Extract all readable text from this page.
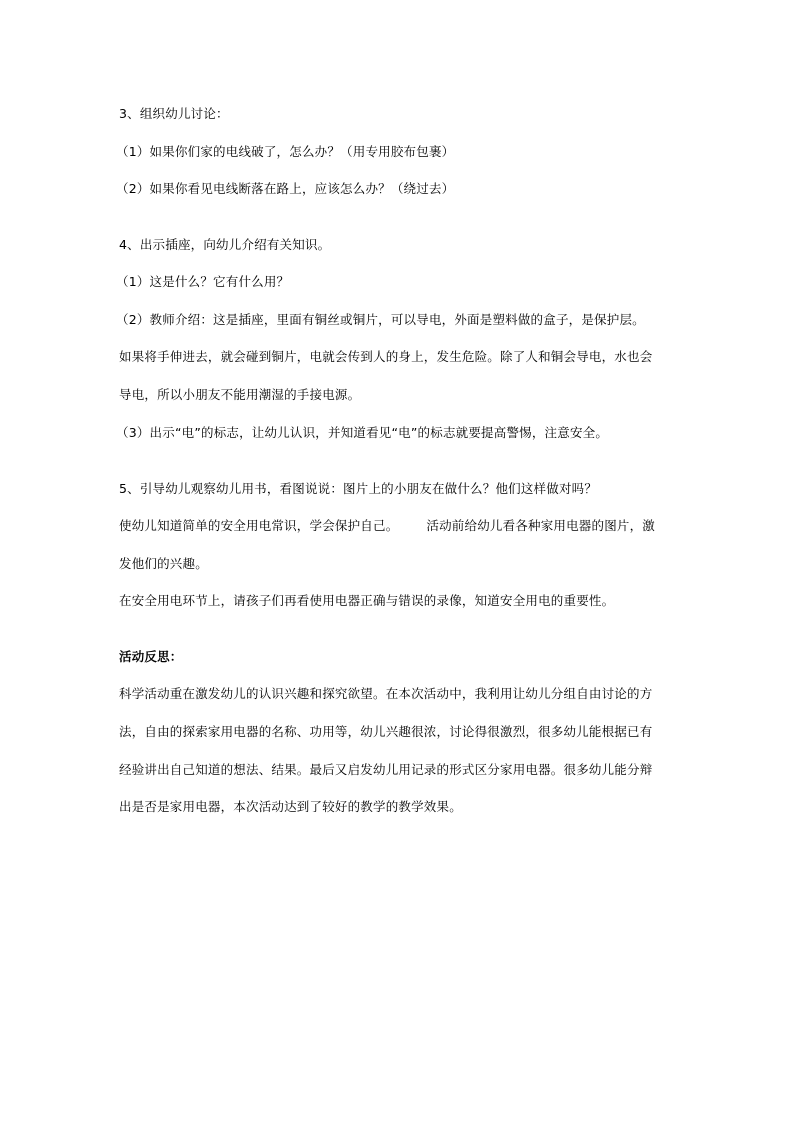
3、组织幼儿讨论：
（1）如果你们家的电线破了，怎么办？（用专用胶布包裹）
（2）如果你看见电线断落在路上，应该怎么办？（绕过去）
4、出示插座，向幼儿介绍有关知识。
（1）这是什么？它有什么用？
（2）教师介绍：这是插座，里面有铜丝或铜片，可以导电，外面是塑料做的盒子，是保护层。
如果将手伸进去，就会碰到铜片，电就会传到人的身上，发生危险。除了人和铜会导电，水也会
导电，所以小朋友不能用潮湿的手接电源。
（3）出示“电”的标志，让幼儿认识，并知道看见“电”的标志就要提高警惕，注意安全。
5、引导幼儿观察幼儿用书，看图说说：图片上的小朋友在做什么？他们这样做对吗？
使幼儿知道简单的安全用电常识，学会保护自己。 活动前给幼儿看各种家用电器的图片，激
发他们的兴趣。
在安全用电环节上，请孩子们再看使用电器正确与错误的录像，知道安全用电的重要性。
活动反思：
科学活动重在激发幼儿的认识兴趣和探究欲望。在本次活动中，我利用让幼儿分组自由讨论的方
法，自由的探索家用电器的名称、功用等，幼儿兴趣很浓，讨论得很激烈，很多幼儿能根据已有
经验讲出自己知道的想法、结果。最后又启发幼儿用记录的形式区分家用电器。很多幼儿能分辩
出是否是家用电器，本次活动达到了较好的教学的教学效果。
